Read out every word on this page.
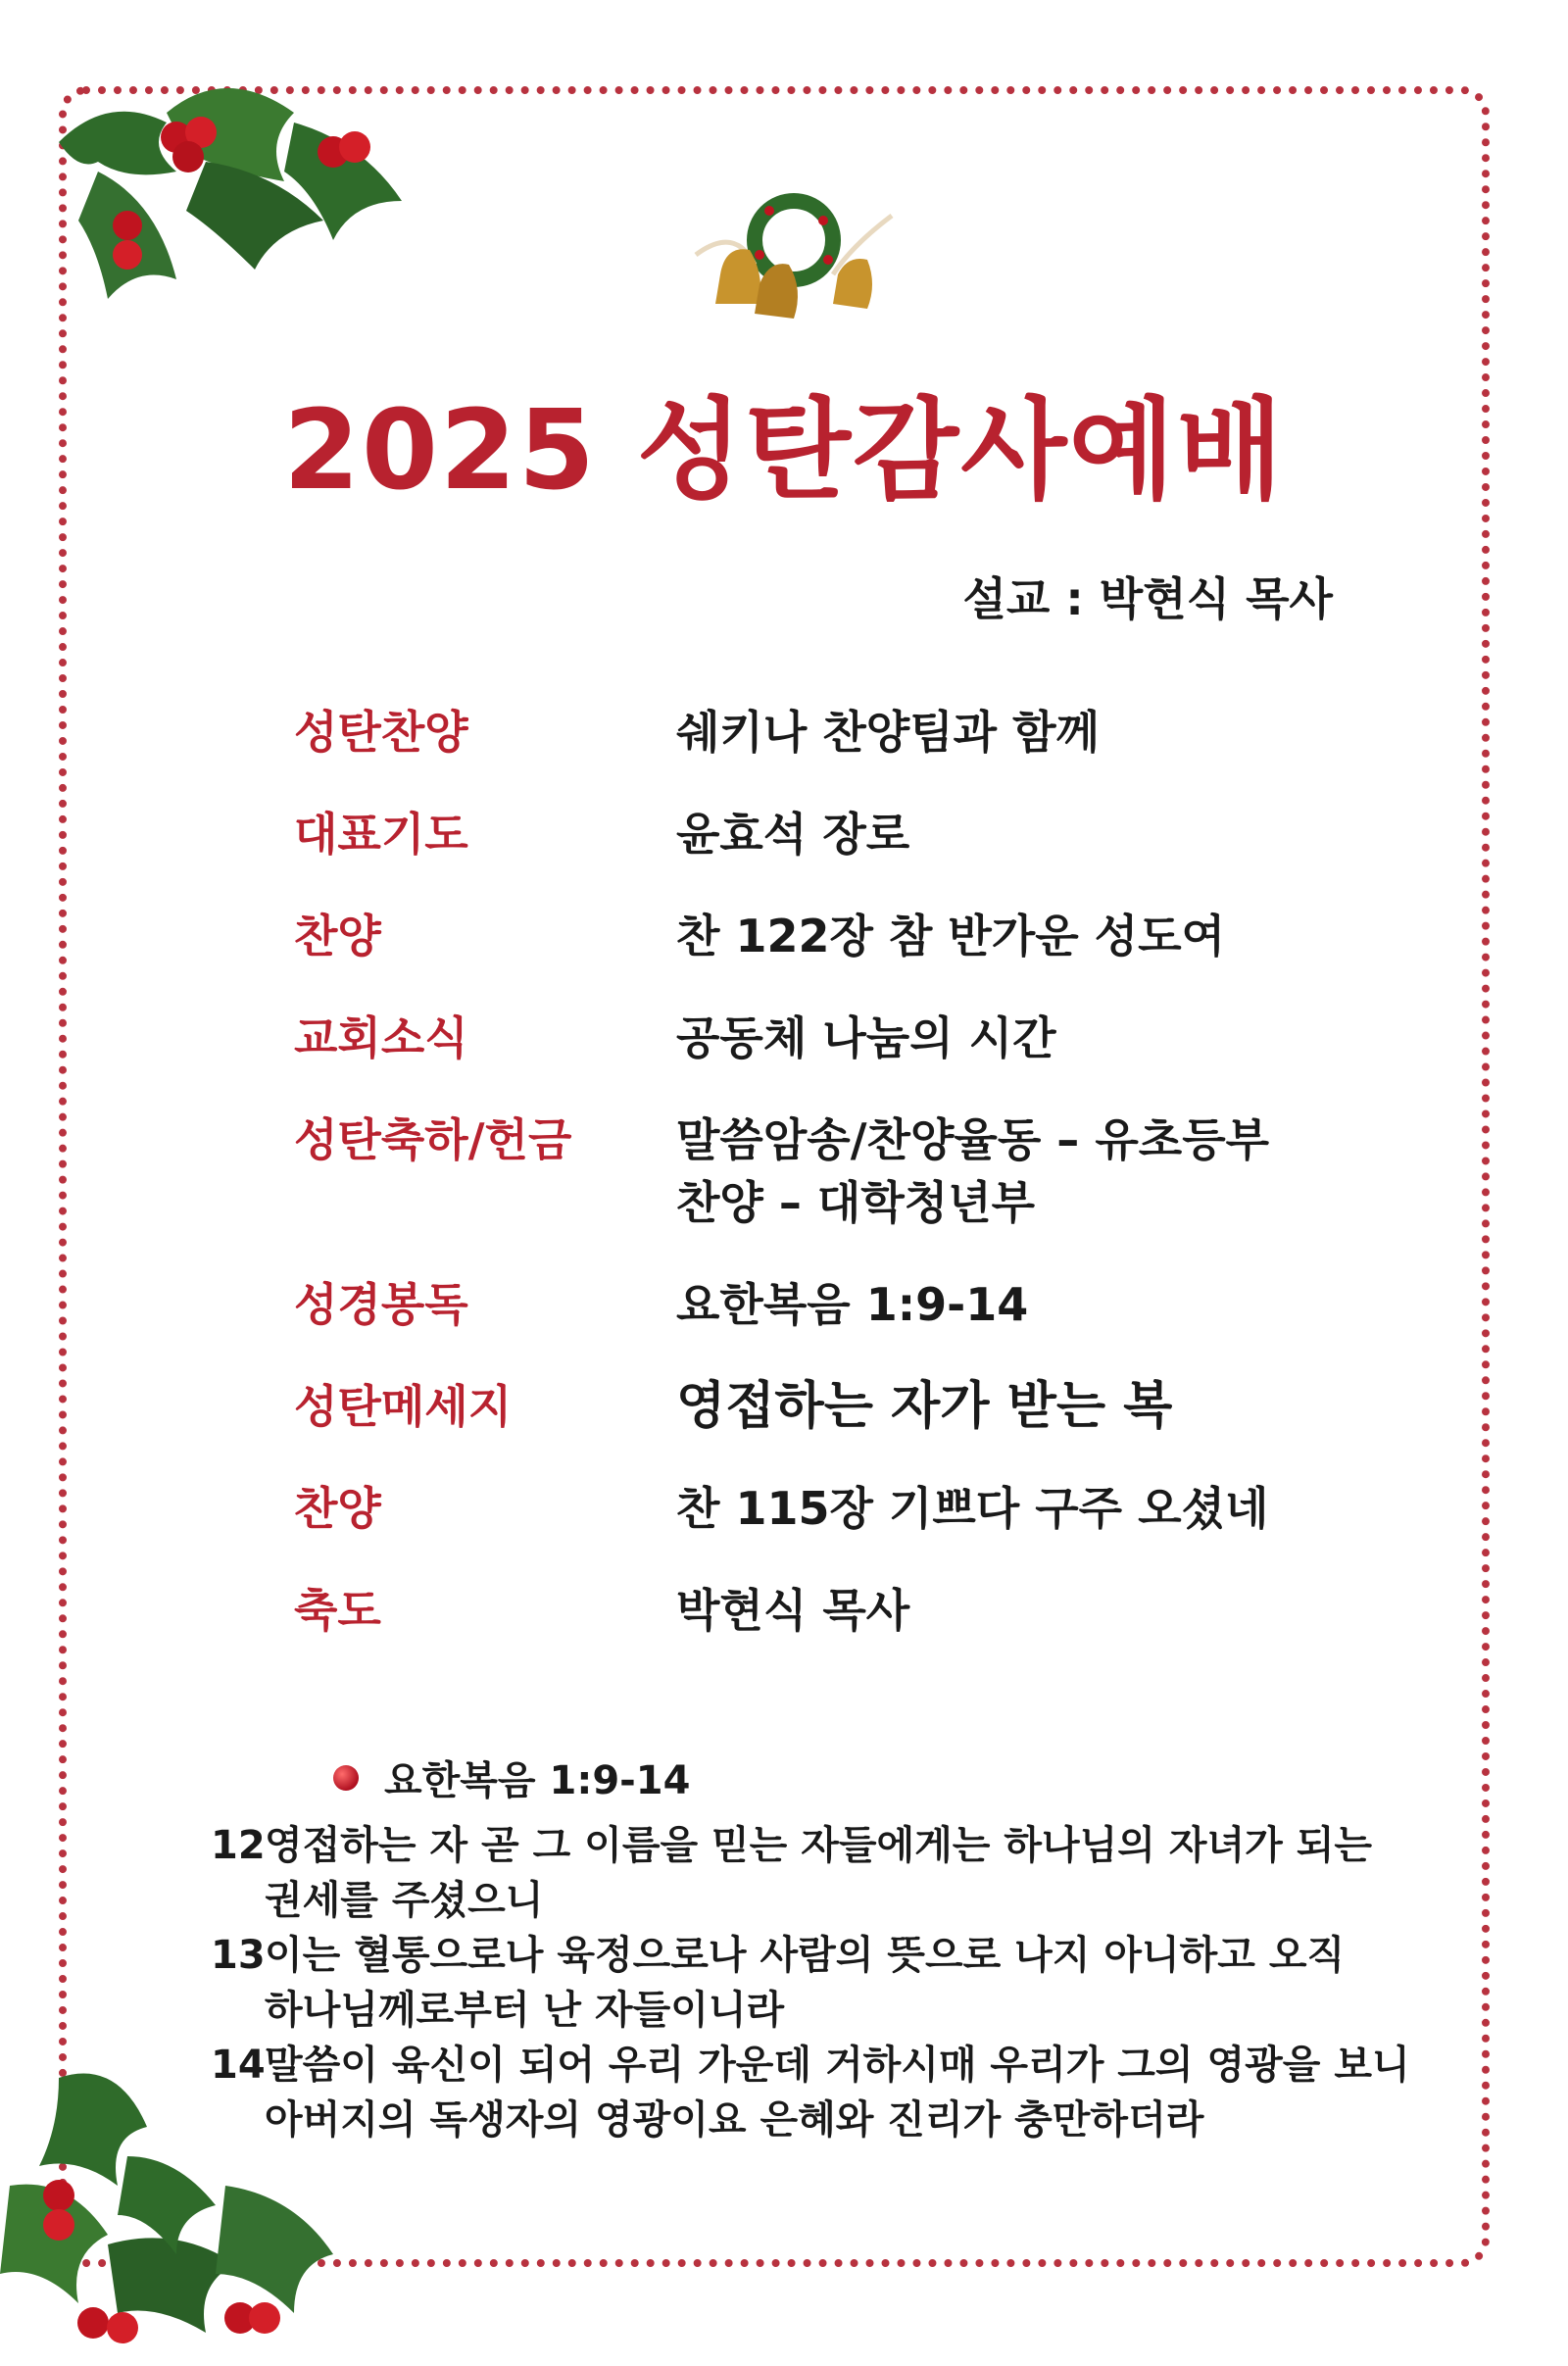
2025 성탄감사예배
설교 : 박현식 목사
성탄찬양	쉐키나 찬양팀과 함께
대표기도	윤효석 장로
찬양	찬 122장 참 반가운 성도여
교회소식	공동체 나눔의 시간
성탄축하/헌금	말씀암송/찬양율동 – 유초등부
찬양 – 대학청년부
성경봉독	요한복음 1:9-14
성탄메세지	영접하는 자가 받는 복
찬양	찬 115장 기쁘다 구주 오셨네
축도	박현식 목사
요한복음 1:9-14
12 영접하는 자 곧 그 이름을 믿는 자들에게는 하나님의 자녀가 되는
권세를 주셨으니
13 이는 혈통으로나 육정으로나 사람의 뜻으로 나지 아니하고 오직
하나님께로부터 난 자들이니라
14 말씀이 육신이 되어 우리 가운데 거하시매 우리가 그의 영광을 보니
아버지의 독생자의 영광이요 은혜와 진리가 충만하더라
